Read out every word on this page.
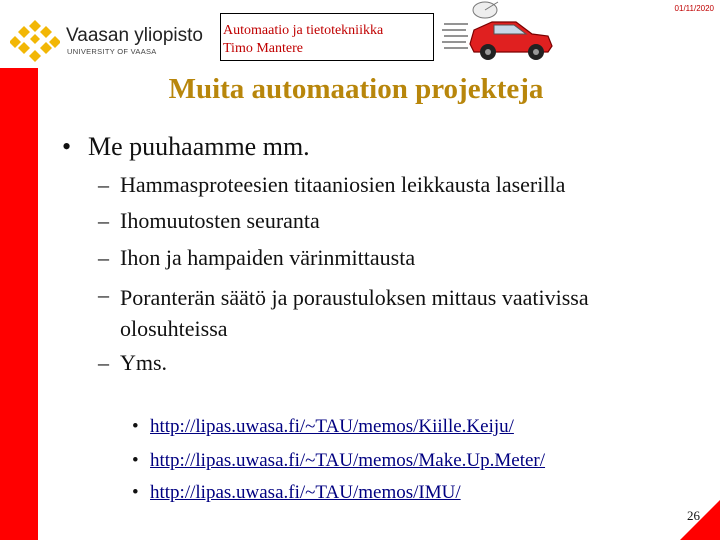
Vaasan yliopisto
UNIVERSITY OF VAASA
Automaatio ja tietotekniikka
Timo Mantere
01/11/2020
Muita automaation projekteja
• Me puuhaamme mm.
– Hammasproteesien titaaniosien leikkausta laserilla
– Ihomuutosten seuranta
– Ihon ja hampaiden värinmittausta
– Poranterän säätö ja poraustuloksen mittaus vaativissa olosuhteissa
– Yms.
• http://lipas.uwasa.fi/~TAU/memos/Kiille.Keiju/
• http://lipas.uwasa.fi/~TAU/memos/Make.Up.Meter/
• http://lipas.uwasa.fi/~TAU/memos/IMU/
26
